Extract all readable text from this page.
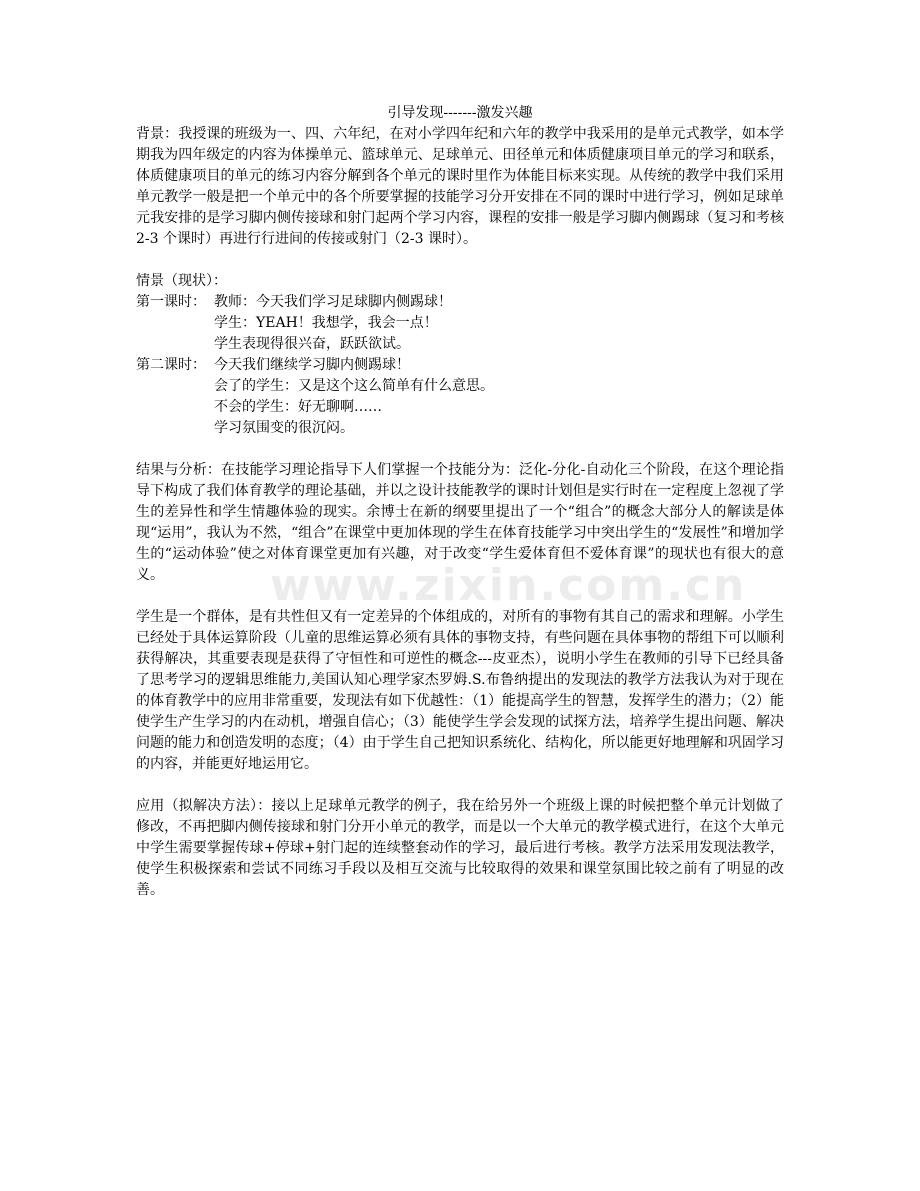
www.zixin.com.cn

引导发现-------激发兴趣

背景：我授课的班级为一、四、六年纪，在对小学四年纪和六年的教学中我采用的是单元式教学，如本学期我为四年级定的内容为体操单元、篮球单元、足球单元、田径单元和体质健康项目单元的学习和联系，体质健康项目的单元的练习内容分解到各个单元的课时里作为体能目标来实现。从传统的教学中我们采用单元教学一般是把一个单元中的各个所要掌握的技能学习分开安排在不同的课时中进行学习，例如足球单元我安排的是学习脚内侧传接球和射门起两个学习内容，课程的安排一般是学习脚内侧踢球（复习和考核 2-3 个课时）再进行行进间的传接或射门（2-3 课时）。

情景（现状）：

第一课时： 教师：今天我们学习足球脚内侧踢球！

学生：YEAH！我想学，我会一点！

学生表现得很兴奋，跃跃欲试。

第二课时： 今天我们继续学习脚内侧踢球！

会了的学生：又是这个这么简单有什么意思。

不会的学生：好无聊啊……

学习氛围变的很沉闷。

结果与分析：在技能学习理论指导下人们掌握一个技能分为：泛化-分化-自动化三个阶段，在这个理论指导下构成了我们体育教学的理论基础，并以之设计技能教学的课时计划但是实行时在一定程度上忽视了学生的差异性和学生情趣体验的现实。余博士在新的纲要里提出了一个“组合”的概念大部分人的解读是体现“运用”，我认为不然，“组合”在课堂中更加体现的学生在体育技能学习中突出学生的“发展性”和增加学生的“运动体验”使之对体育课堂更加有兴趣，对于改变“学生爱体育但不爱体育课”的现状也有很大的意义。

学生是一个群体，是有共性但又有一定差异的个体组成的，对所有的事物有其自己的需求和理解。小学生已经处于具体运算阶段（儿童的思维运算必须有具体的事物支持，有些问题在具体事物的帮组下可以顺利获得解决，其重要表现是获得了守恒性和可逆性的概念---皮亚杰），说明小学生在教师的引导下已经具备了思考学习的逻辑思维能力,美国认知心理学家杰罗姆.S.布鲁纳提出的发现法的教学方法我认为对于现在的体育教学中的应用非常重要，发现法有如下优越性：（1）能提高学生的智慧，发挥学生的潜力；（2）能使学生产生学习的内在动机，增强自信心；（3）能使学生学会发现的试探方法，培养学生提出问题、解决问题的能力和创造发明的态度；（4）由于学生自己把知识系统化、结构化，所以能更好地理解和巩固学习的内容，并能更好地运用它。

应用（拟解决方法）：接以上足球单元教学的例子，我在给另外一个班级上课的时候把整个单元计划做了修改，不再把脚内侧传接球和射门分开小单元的教学，而是以一个大单元的教学模式进行，在这个大单元中学生需要掌握传球+停球+射门起的连续整套动作的学习，最后进行考核。教学方法采用发现法教学，使学生积极探索和尝试不同练习手段以及相互交流与比较取得的效果和课堂氛围比较之前有了明显的改善。
